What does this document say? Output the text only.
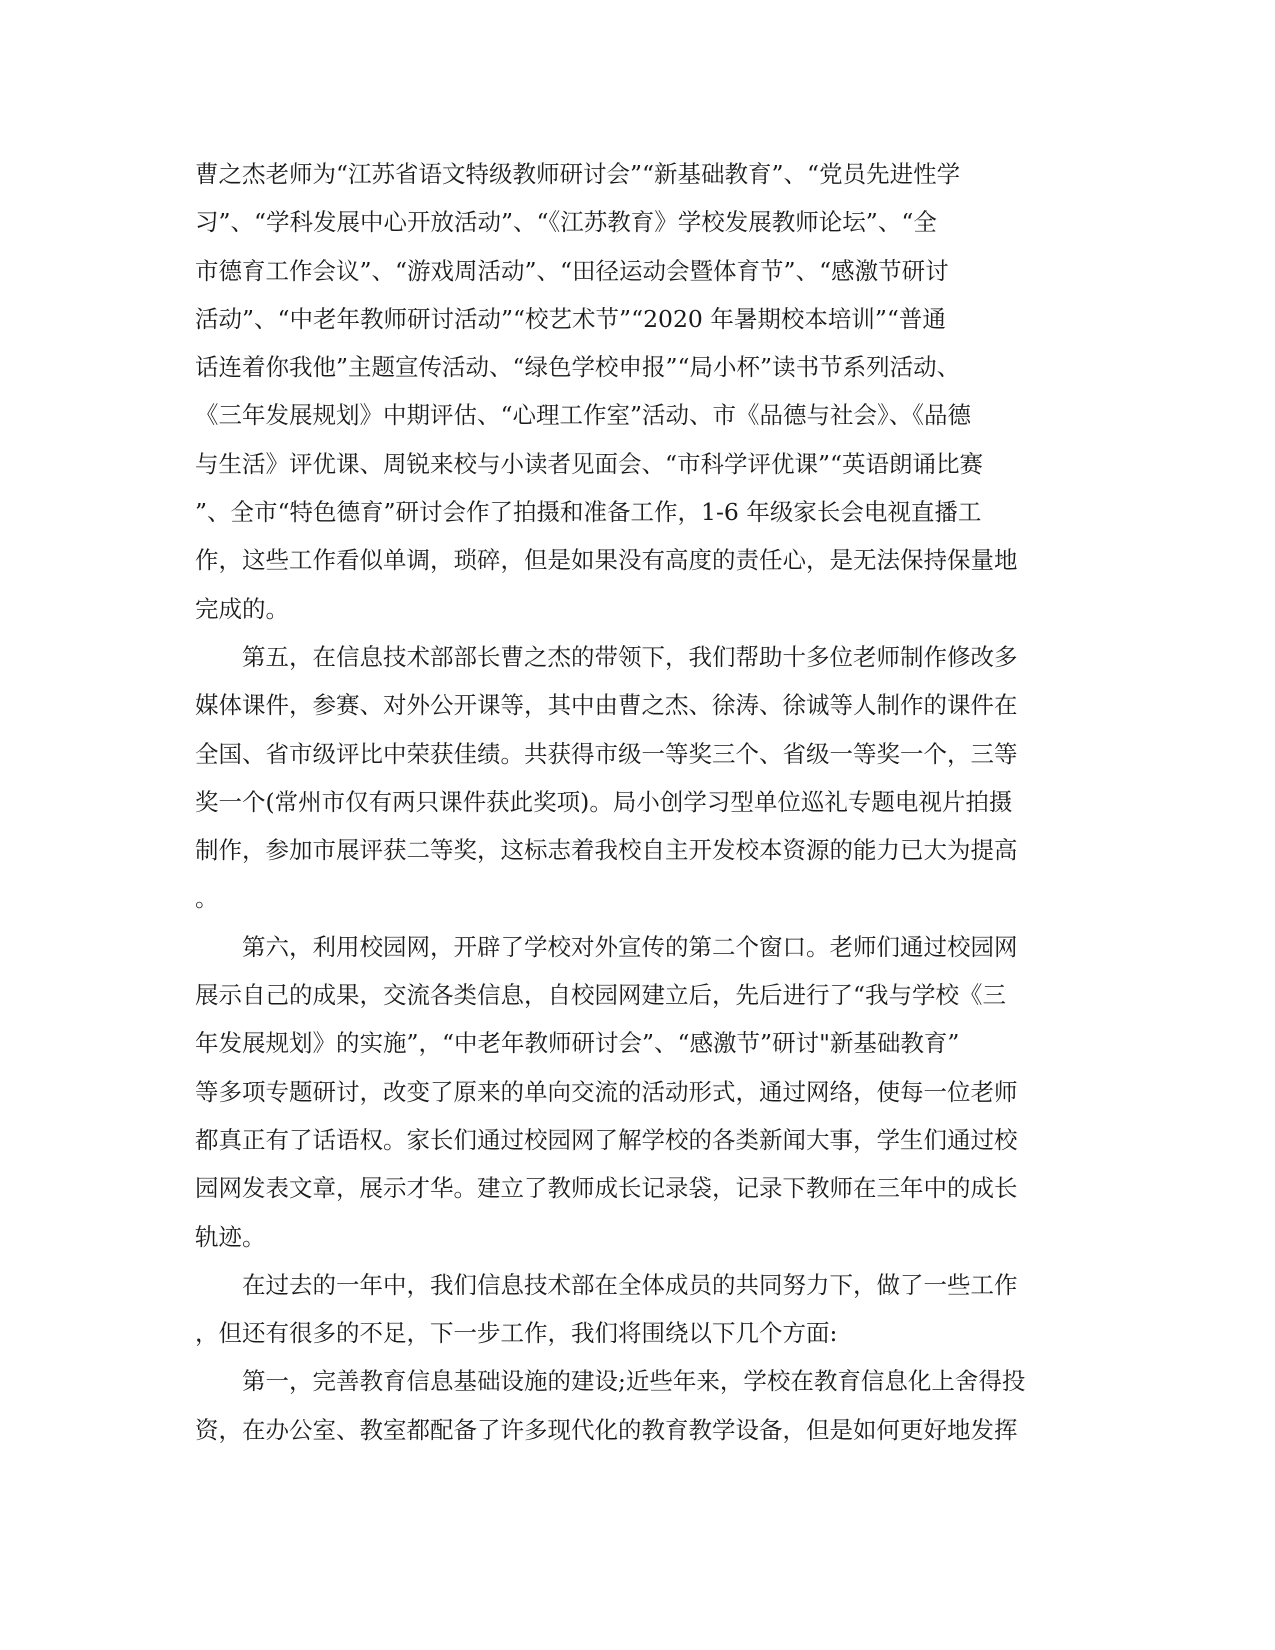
曹之杰老师为“江苏省语文特级教师研讨会”“新基础教育”、“党员先进性学
习”、“学科发展中心开放活动”、“《江苏教育》学校发展教师论坛”、“全
市德育工作会议”、“游戏周活动”、“田径运动会暨体育节”、“感激节研讨
活动”、“中老年教师研讨活动”“校艺术节”“2020 年暑期校本培训”“普通
话连着你我他”主题宣传活动、“绿色学校申报”“局小杯”读书节系列活动、
《三年发展规划》中期评估、“心理工作室”活动、市《品德与社会》、《品德
与生活》评优课、周锐来校与小读者见面会、“市科学评优课”“英语朗诵比赛
”、全市“特色德育”研讨会作了拍摄和准备工作，1-6 年级家长会电视直播工
作，这些工作看似单调，琐碎，但是如果没有高度的责任心，是无法保持保量地
完成的。
第五，在信息技术部部长曹之杰的带领下，我们帮助十多位老师制作修改多
媒体课件，参赛、对外公开课等，其中由曹之杰、徐涛、徐诚等人制作的课件在
全国、省市级评比中荣获佳绩。共获得市级一等奖三个、省级一等奖一个，三等
奖一个(常州市仅有两只课件获此奖项)。局小创学习型单位巡礼专题电视片拍摄
制作，参加市展评获二等奖，这标志着我校自主开发校本资源的能力已大为提高
。
第六，利用校园网，开辟了学校对外宣传的第二个窗口。老师们通过校园网
展示自己的成果，交流各类信息，自校园网建立后，先后进行了“我与学校《三
年发展规划》的实施”，“中老年教师研讨会”、“感激节”研讨"新基础教育”
等多项专题研讨，改变了原来的单向交流的活动形式，通过网络，使每一位老师
都真正有了话语权。家长们通过校园网了解学校的各类新闻大事，学生们通过校
园网发表文章，展示才华。建立了教师成长记录袋，记录下教师在三年中的成长
轨迹。
在过去的一年中，我们信息技术部在全体成员的共同努力下，做了一些工作
，但还有很多的不足，下一步工作，我们将围绕以下几个方面:
第一，完善教育信息基础设施的建设;近些年来，学校在教育信息化上舍得投
资，在办公室、教室都配备了许多现代化的教育教学设备，但是如何更好地发挥
